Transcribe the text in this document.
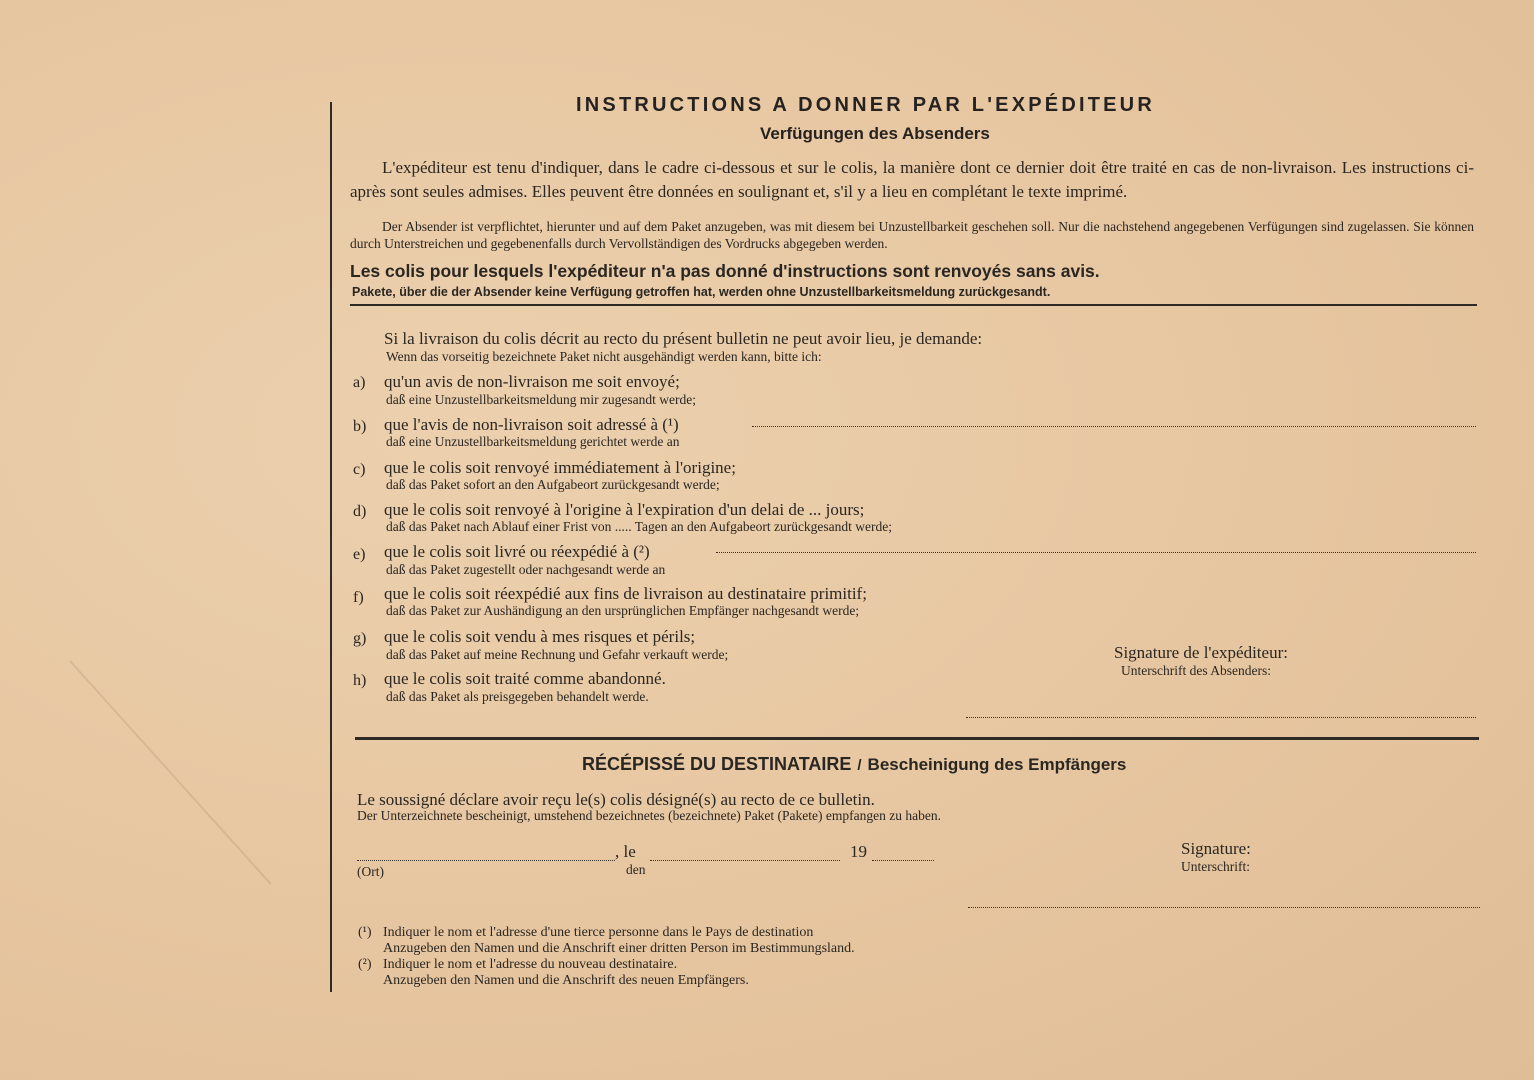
INSTRUCTIONS A DONNER PAR L'EXPÉDITEUR
Verfügungen des Absenders
L'expéditeur est tenu d'indiquer, dans le cadre ci-dessous et sur le colis, la manière dont ce dernier doit être traité en cas de non-livraison. Les instructions ci-après sont seules admises. Elles peuvent être données en soulignant et, s'il y a lieu en complétant le texte imprimé.
Der Absender ist verpflichtet, hierunter und auf dem Paket anzugeben, was mit diesem bei Unzustellbarkeit geschehen soll. Nur die nachstehend angegebenen Verfügungen sind zugelassen. Sie können durch Unterstreichen und gegebenenfalls durch Vervollständigen des Vordrucks abgegeben werden.
Les colis pour lesquels l'expéditeur n'a pas donné d'instructions sont renvoyés sans avis.
Pakete, über die der Absender keine Verfügung getroffen hat, werden ohne Unzustellbarkeitsmeldung zurückgesandt.
Si la livraison du colis décrit au recto du présent bulletin ne peut avoir lieu, je demande:
Wenn das vorseitig bezeichnete Paket nicht ausgehändigt werden kann, bitte ich:
a) qu'un avis de non-livraison me soit envoyé;
daß eine Unzustellbarkeitsmeldung mir zugesandt werde;
b) que l'avis de non-livraison soit adressé à (¹)
daß eine Unzustellbarkeitsmeldung gerichtet werde an
c) que le colis soit renvoyé immédiatement à l'origine;
daß das Paket sofort an den Aufgabeort zurückgesandt werde;
d) que le colis soit renvoyé à l'origine à l'expiration d'un delai de ... jours;
daß das Paket nach Ablauf einer Frist von ..... Tagen an den Aufgabeort zurückgesandt werde;
e) que le colis soit livré ou réexpédié à (²)
daß das Paket zugestellt oder nachgesandt werde an
f) que le colis soit réexpédié aux fins de livraison au destinataire primitif;
daß das Paket zur Aushändigung an den ursprünglichen Empfänger nachgesandt werde;
g) que le colis soit vendu à mes risques et périls;
daß das Paket auf meine Rechnung und Gefahr verkauft werde;
h) que le colis soit traité comme abandonné.
daß das Paket als preisgegeben behandelt werde.
Signature de l'expéditeur:
Unterschrift des Absenders:
RÉCÉPISSÉ DU DESTINATAIRE / Bescheinigung des Empfängers
Le soussigné déclare avoir reçu le(s) colis désigné(s) au recto de ce bulletin.
Der Unterzeichnete bescheinigt, umstehend bezeichnetes (bezeichnete) Paket (Pakete) empfangen zu haben.
(Ort)
, le
den
19	Signature:
Unterschrift:
(¹) Indiquer le nom et l'adresse d'une tierce personne dans le Pays de destination
Anzugeben den Namen und die Anschrift einer dritten Person im Bestimmungsland.
(²) Indiquer le nom et l'adresse du nouveau destinataire.
Anzugeben den Namen und die Anschrift des neuen Empfängers.
